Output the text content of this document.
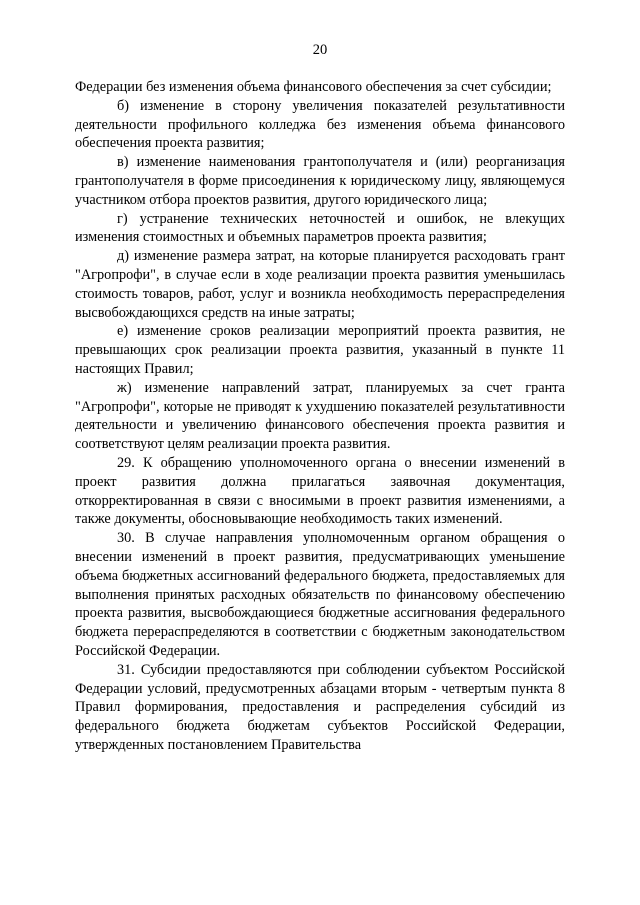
20

Федерации без изменения объема финансового обеспечения за счет субсидии;

б) изменение в сторону увеличения показателей результативности деятельности профильного колледжа без изменения объема финансового обеспечения проекта развития;

в) изменение наименования грантополучателя и (или) реорганизация грантополучателя в форме присоединения к юридическому лицу, являющемуся участником отбора проектов развития, другого юридического лица;

г) устранение технических неточностей и ошибок, не влекущих изменения стоимостных и объемных параметров проекта развития;

д) изменение размера затрат, на которые планируется расходовать грант "Агропрофи", в случае если в ходе реализации проекта развития уменьшилась стоимость товаров, работ, услуг и возникла необходимость перераспределения высвобождающихся средств на иные затраты;

е) изменение сроков реализации мероприятий проекта развития, не превышающих срок реализации проекта развития, указанный в пункте 11 настоящих Правил;

ж) изменение направлений затрат, планируемых за счет гранта "Агропрофи", которые не приводят к ухудшению показателей результативности деятельности и увеличению финансового обеспечения проекта развития и соответствуют целям реализации проекта развития.

29. К обращению уполномоченного органа о внесении изменений в проект развития должна прилагаться заявочная документация, откорректированная в связи с вносимыми в проект развития изменениями, а также документы, обосновывающие необходимость таких изменений.

30. В случае направления уполномоченным органом обращения о внесении изменений в проект развития, предусматривающих уменьшение объема бюджетных ассигнований федерального бюджета, предоставляемых для выполнения принятых расходных обязательств по финансовому обеспечению проекта развития, высвобождающиеся бюджетные ассигнования федерального бюджета перераспределяются в соответствии с бюджетным законодательством Российской Федерации.

31. Субсидии предоставляются при соблюдении субъектом Российской Федерации условий, предусмотренных абзацами вторым - четвертым пункта 8 Правил формирования, предоставления и распределения субсидий из федерального бюджета бюджетам субъектов Российской Федерации, утвержденных постановлением Правительства
